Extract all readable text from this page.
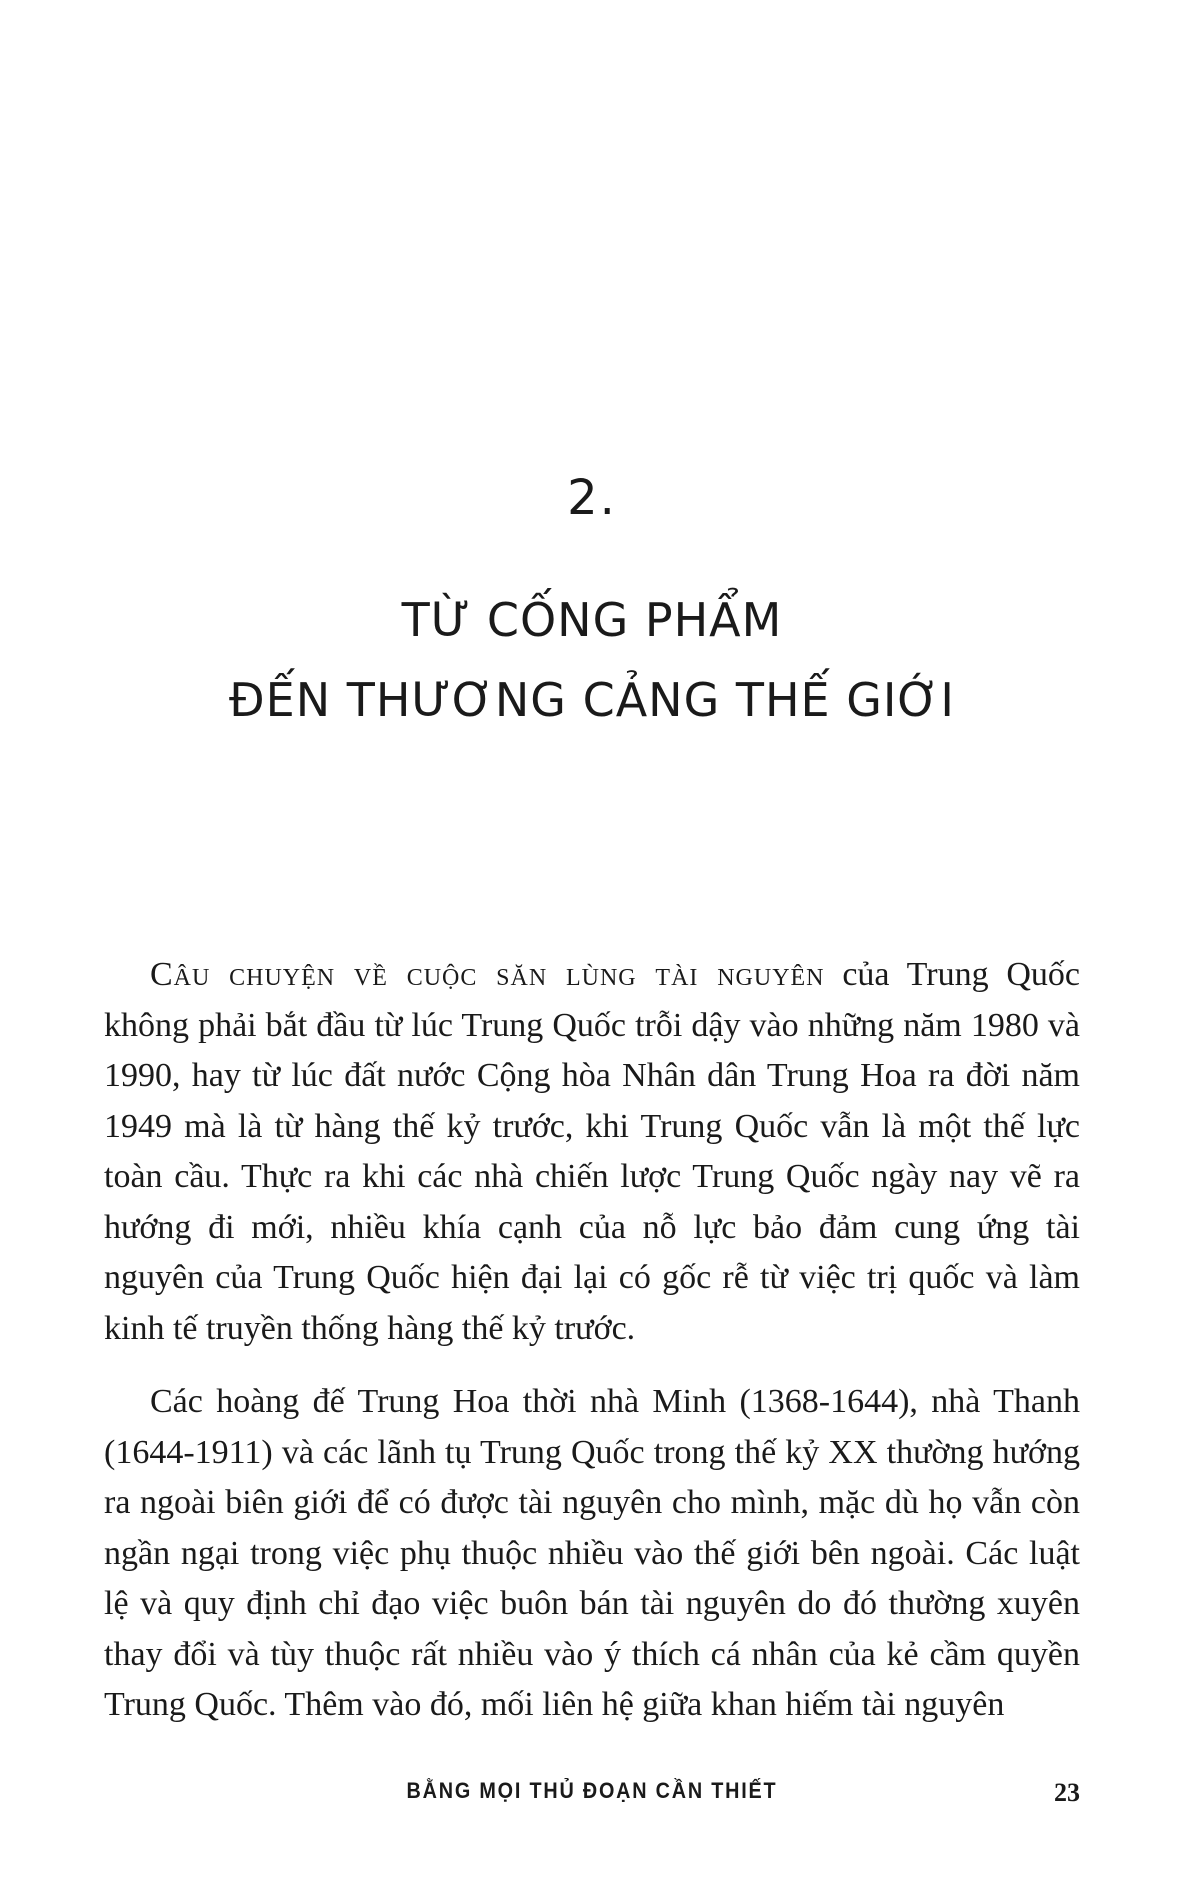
2.
TỪ CỐNG PHẨM
ĐẾN THƯƠNG CẢNG THẾ GIỚI

Câu chuyện về cuộc săn lùng tài nguyên của Trung Quốc không phải bắt đầu từ lúc Trung Quốc trỗi dậy vào những năm 1980 và 1990, hay từ lúc đất nước Cộng hòa Nhân dân Trung Hoa ra đời năm 1949 mà là từ hàng thế kỷ trước, khi Trung Quốc vẫn là một thế lực toàn cầu. Thực ra khi các nhà chiến lược Trung Quốc ngày nay vẽ ra hướng đi mới, nhiều khía cạnh của nỗ lực bảo đảm cung ứng tài nguyên của Trung Quốc hiện đại lại có gốc rễ từ việc trị quốc và làm kinh tế truyền thống hàng thế kỷ trước.

Các hoàng đế Trung Hoa thời nhà Minh (1368-1644), nhà Thanh (1644-1911) và các lãnh tụ Trung Quốc trong thế kỷ XX thường hướng ra ngoài biên giới để có được tài nguyên cho mình, mặc dù họ vẫn còn ngần ngại trong việc phụ thuộc nhiều vào thế giới bên ngoài. Các luật lệ và quy định chỉ đạo việc buôn bán tài nguyên do đó thường xuyên thay đổi và tùy thuộc rất nhiều vào ý thích cá nhân của kẻ cầm quyền Trung Quốc. Thêm vào đó, mối liên hệ giữa khan hiếm tài nguyên

BẰNG MỌI THỦ ĐOẠN CẦN THIẾT	23
